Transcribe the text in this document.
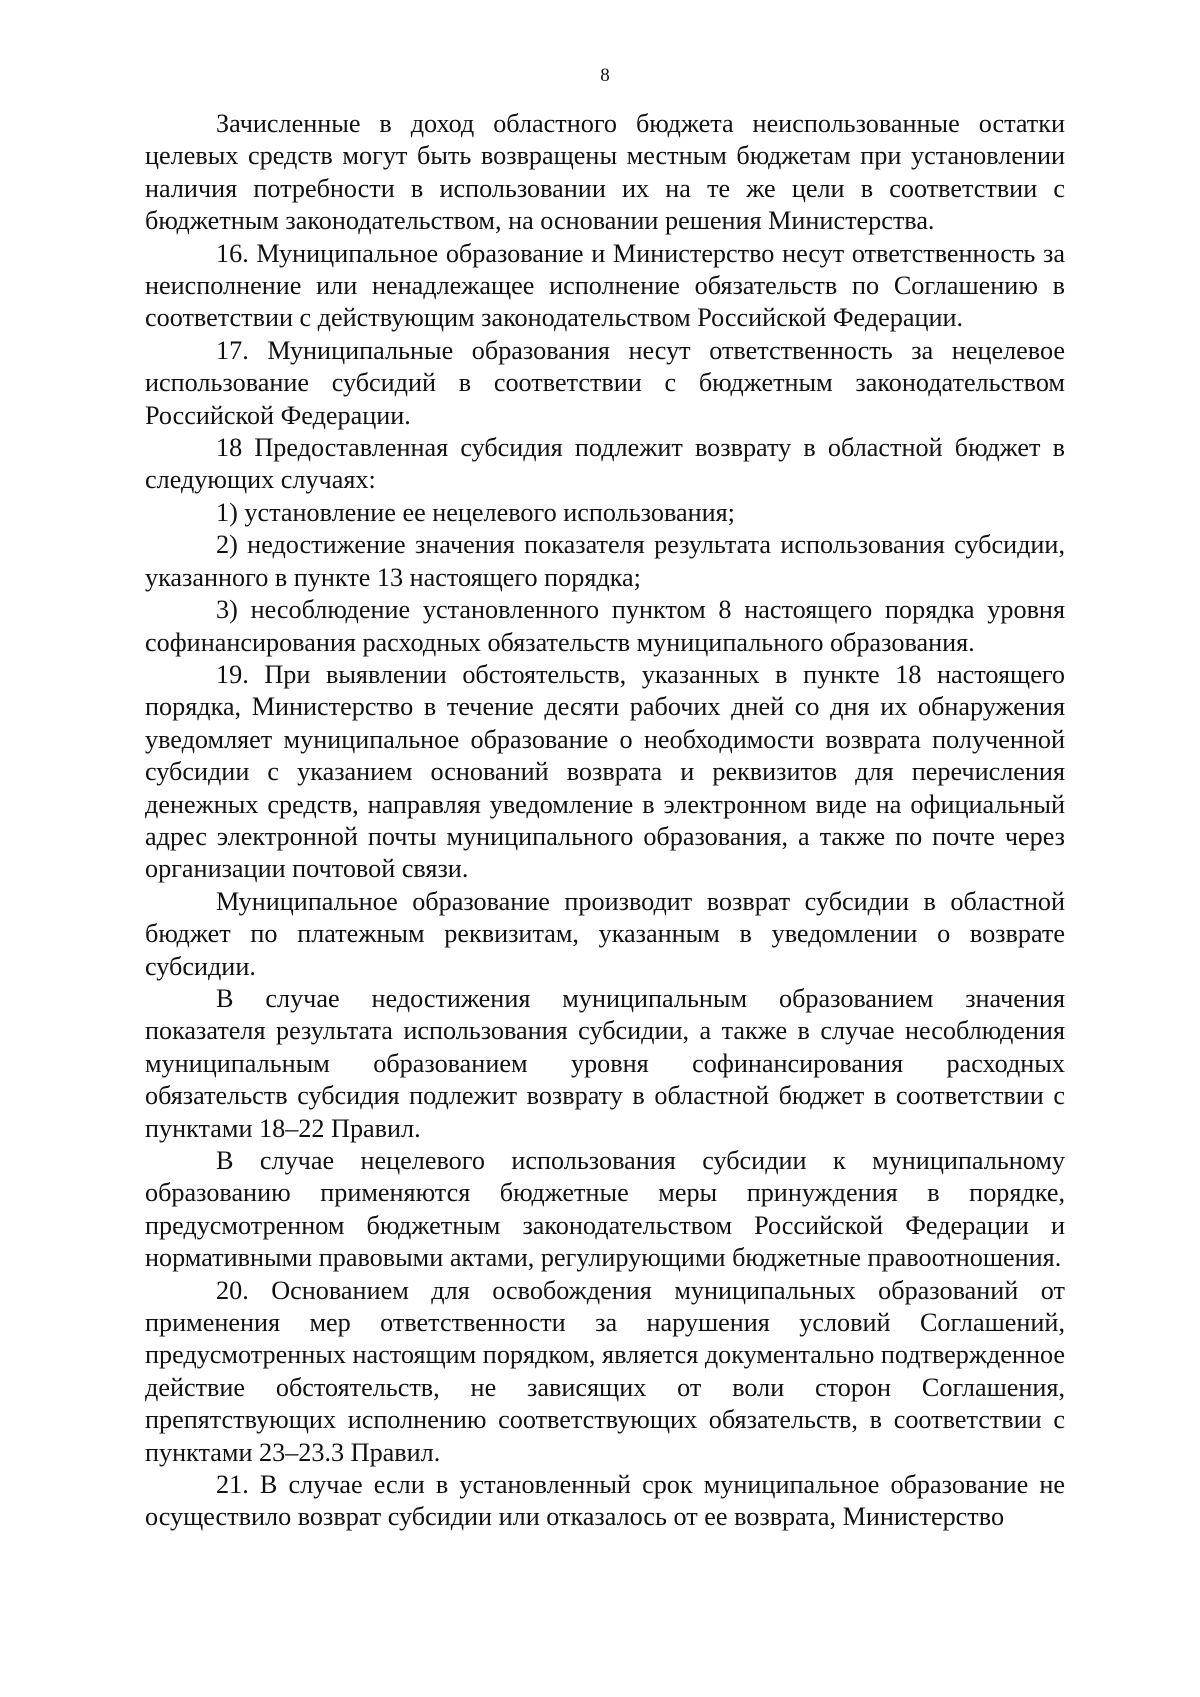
8

Зачисленные в доход областного бюджета неиспользованные остатки целевых средств могут быть возвращены местным бюджетам при установлении наличия потребности в использовании их на те же цели в соответствии с бюджетным законодательством, на основании решения Министерства.

16. Муниципальное образование и Министерство несут ответственность за неисполнение или ненадлежащее исполнение обязательств по Соглашению в соответствии с действующим законодательством Российской Федерации.

17. Муниципальные образования несут ответственность за нецелевое использование субсидий в соответствии с бюджетным законодательством Российской Федерации.

18 Предоставленная субсидия подлежит возврату в областной бюджет в следующих случаях:

1) установление ее нецелевого использования;

2) недостижение значения показателя результата использования субсидии, указанного в пункте 13 настоящего порядка;

3) несоблюдение установленного пунктом 8 настоящего порядка уровня софинансирования расходных обязательств муниципального образования.

19. При выявлении обстоятельств, указанных в пункте 18 настоящего порядка, Министерство в течение десяти рабочих дней со дня их обнаружения уведомляет муниципальное образование о необходимости возврата полученной субсидии с указанием оснований возврата и реквизитов для перечисления денежных средств, направляя уведомление в электронном виде на официальный адрес электронной почты муниципального образования, а также по почте через организации почтовой связи.

Муниципальное образование производит возврат субсидии в областной бюджет по платежным реквизитам, указанным в уведомлении о возврате субсидии.

В случае недостижения муниципальным образованием значения показателя результата использования субсидии, а также в случае несоблюдения муниципальным образованием уровня софинансирования расходных обязательств субсидия подлежит возврату в областной бюджет в соответствии с пунктами 18–22 Правил.

В случае нецелевого использования субсидии к муниципальному образованию применяются бюджетные меры принуждения в порядке, предусмотренном бюджетным законодательством Российской Федерации и нормативными правовыми актами, регулирующими бюджетные правоотношения.

20. Основанием для освобождения муниципальных образований от применения мер ответственности за нарушения условий Соглашений, предусмотренных настоящим порядком, является документально подтвержденное действие обстоятельств, не зависящих от воли сторон Соглашения, препятствующих исполнению соответствующих обязательств, в соответствии с пунктами 23–23.3 Правил.

21. В случае если в установленный срок муниципальное образование не осуществило возврат субсидии или отказалось от ее возврата, Министерство
